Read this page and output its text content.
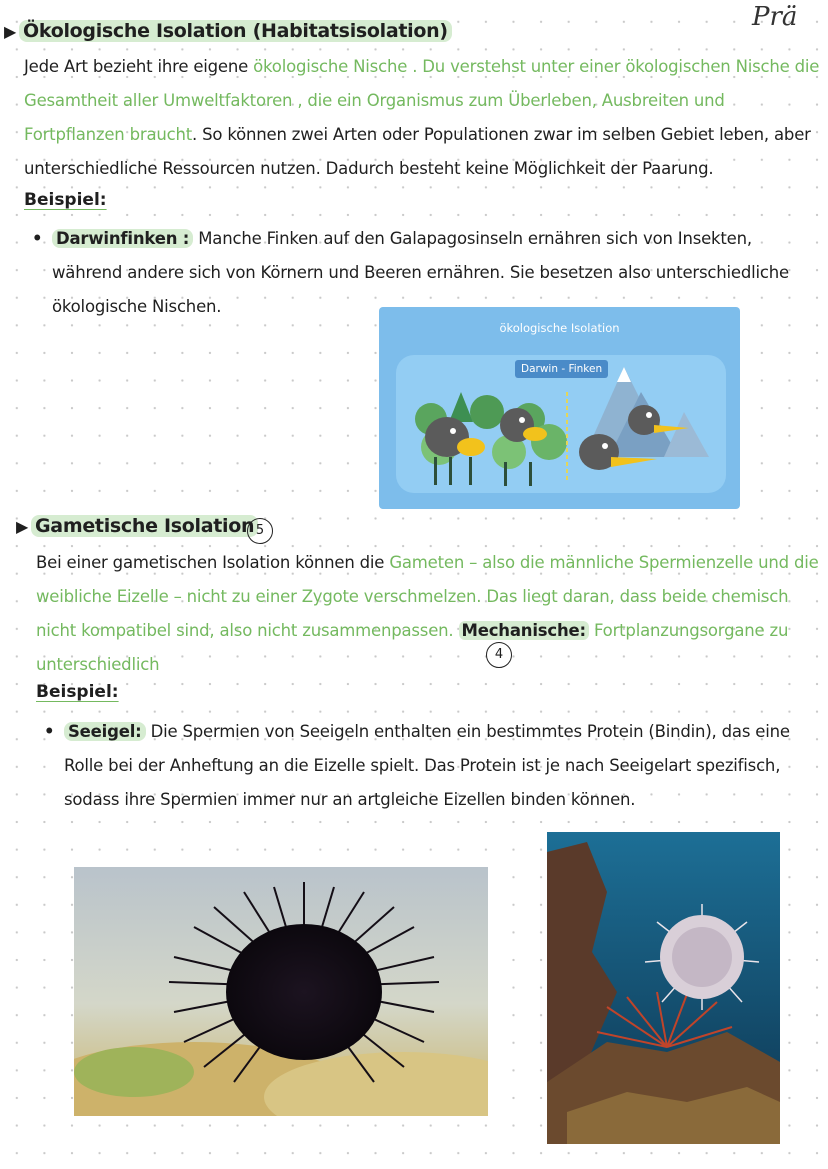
Prä
▶ Ökologische Isolation (Habitatsisolation)
Jede Art bezieht ihre eigene ökologische Nische . Du verstehst unter einer ökologischen Nische die Gesamtheit aller Umweltfaktoren , die ein Organismus zum Überleben, Ausbreiten und Fortpflanzen braucht. So können zwei Arten oder Populationen zwar im selben Gebiet leben, aber unterschiedliche Ressourcen nutzen. Dadurch besteht keine Möglichkeit der Paarung.
Beispiel:
• Darwinfinken : Manche Finken auf den Galapagosinseln ernähren sich von Insekten, während andere sich von Körnern und Beeren ernähren. Sie besetzen also unterschiedliche ökologische Nischen.
ökologische Isolation
Darwin - Finken
▶ Gametische Isolation 5
Bei einer gametischen Isolation können die Gameten – also die männliche Spermienzelle und die weibliche Eizelle – nicht zu einer Zygote verschmelzen. Das liegt daran, dass beide chemisch nicht kompatibel sind, also nicht zusammenpassen. Mechanische: Fortplanzungsorgane zu unterschiedlich
4
Beispiel:
• Seeigel: Die Spermien von Seeigeln enthalten ein bestimmtes Protein (Bindin), das eine Rolle bei der Anheftung an die Eizelle spielt. Das Protein ist je nach Seeigelart spezifisch, sodass ihre Spermien immer nur an artgleiche Eizellen binden können.
